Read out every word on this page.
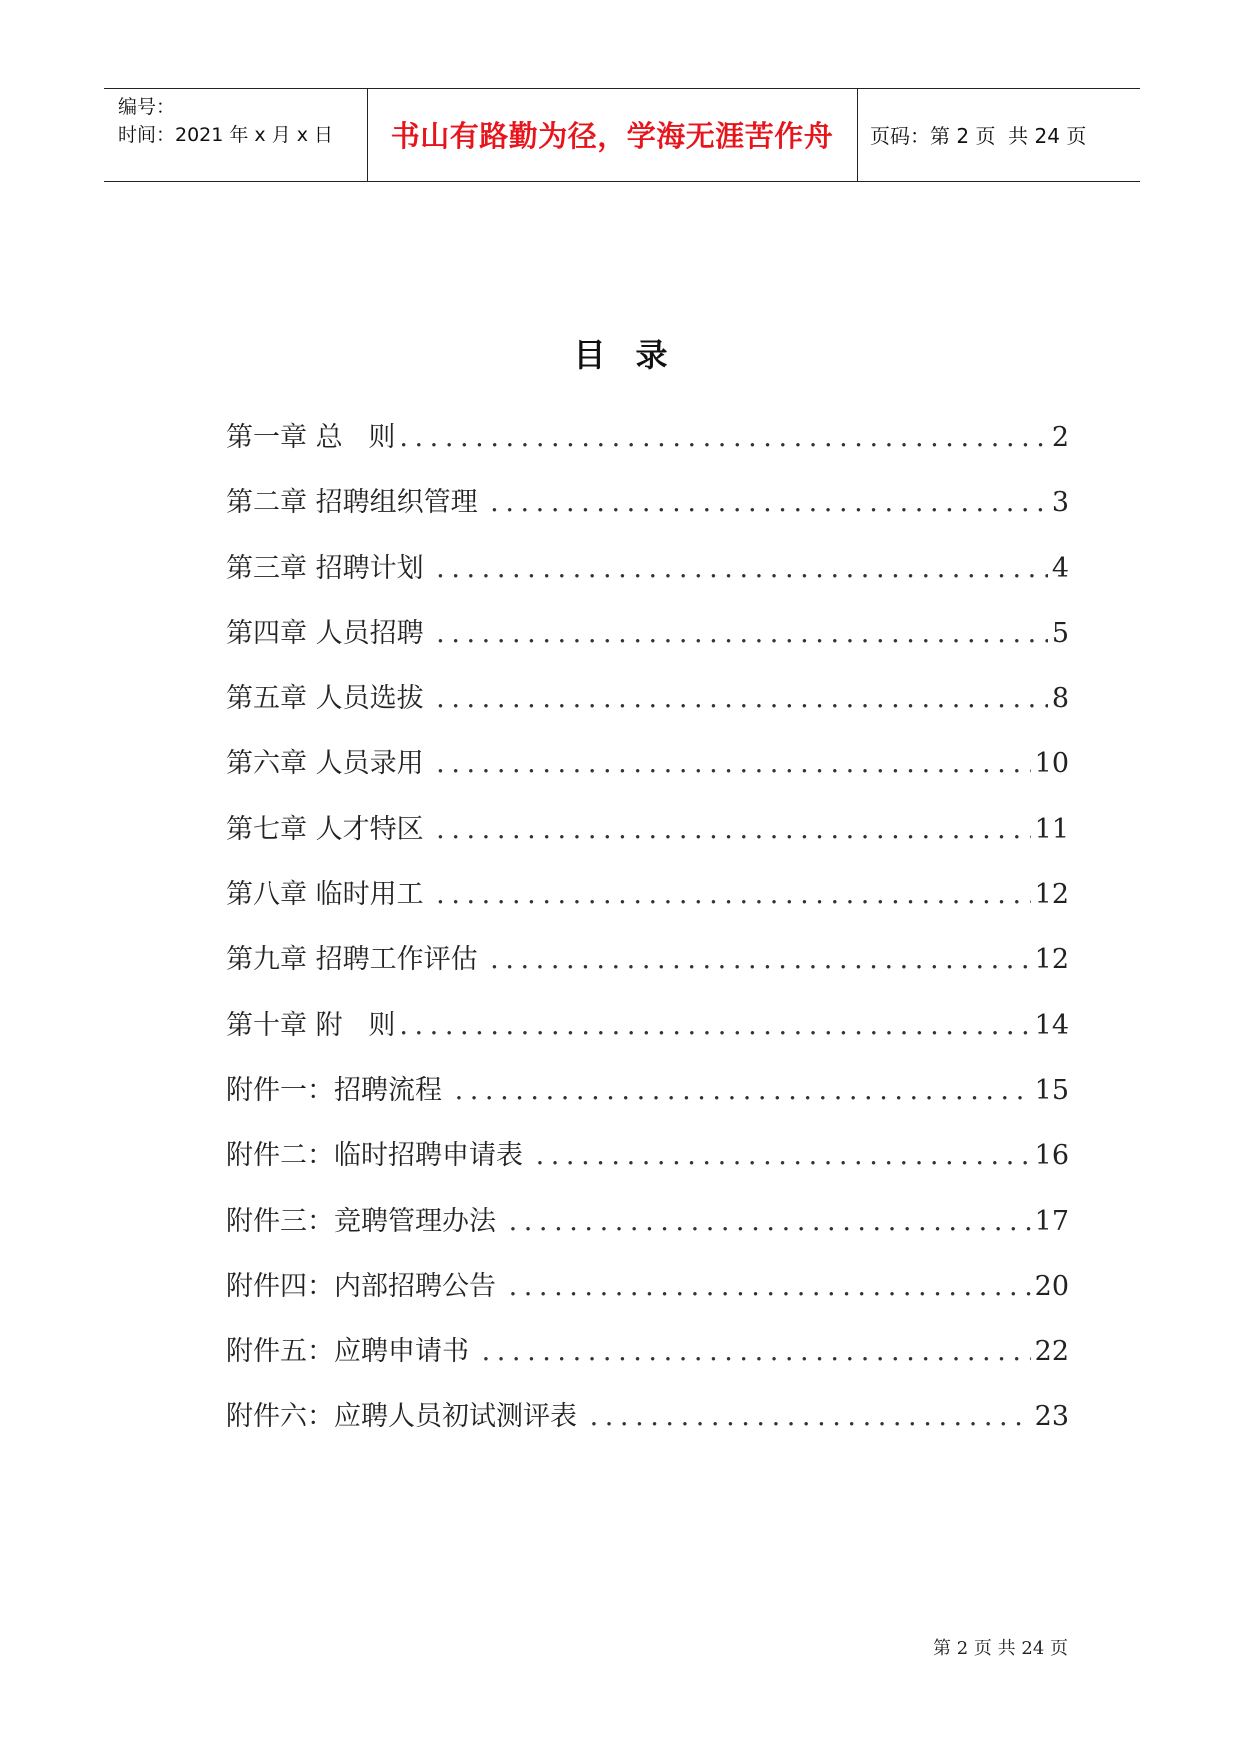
编号：
时间：2021 年 x 月 x 日	书山有路勤为径，学海无涯苦作舟	页码：第 2 页  共 24 页
目录
第一章 总   则 . . .	2
第二章 招聘组织管理 . . .	3
第三章 招聘计划 . . .	4
第四章 人员招聘 . . .	5
第五章 人员选拔 . . .	8
第六章 人员录用 . . .	10
第七章 人才特区 . . .	11
第八章 临时用工 . . .	12
第九章 招聘工作评估 . . .	12
第十章 附   则 . . .	14
附件一：招聘流程 . . .	15
附件二：临时招聘申请表 . . .	16
附件三：竞聘管理办法 . . .	17
附件四：内部招聘公告 . . .	20
附件五：应聘申请书 . . .	22
附件六：应聘人员初试测评表 . . .	23
第 2 页 共 24 页
